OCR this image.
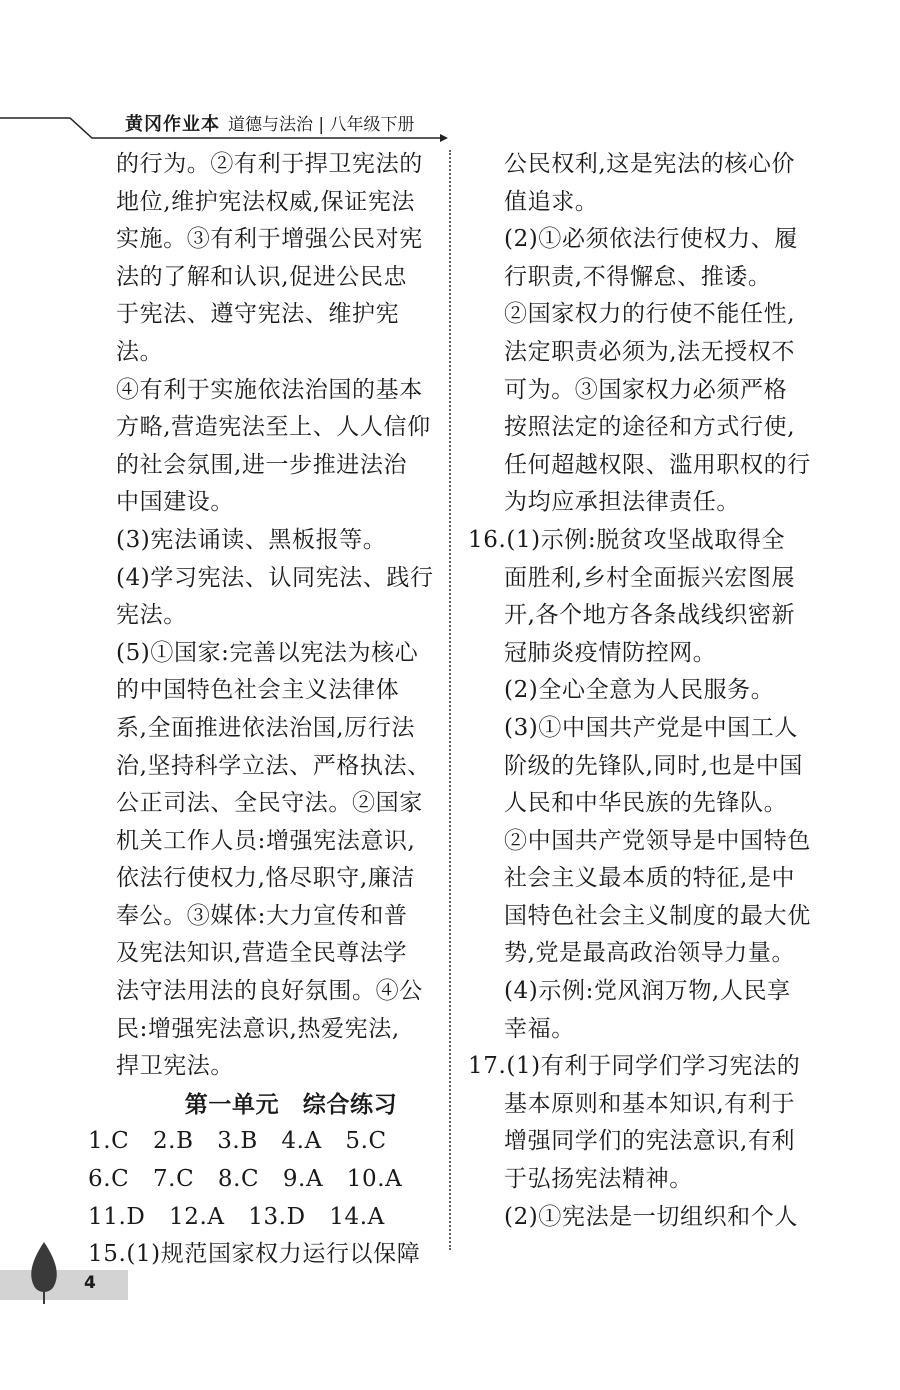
黄冈作业本 道德与法治 | 八年级下册

的行为。②有利于捍卫宪法的

地位,维护宪法权威,保证宪法

实施。③有利于增强公民对宪

法的了解和认识,促进公民忠

于宪法、遵守宪法、维护宪法。

④有利于实施依法治国的基本

方略,营造宪法至上、人人信仰

的社会氛围,进一步推进法治

中国建设。

(3)宪法诵读、黑板报等。

(4)学习宪法、认同宪法、践行

宪法。

(5)①国家:完善以宪法为核心

的中国特色社会主义法律体

系,全面推进依法治国,厉行法

治,坚持科学立法、严格执法、

公正司法、全民守法。②国家

机关工作人员:增强宪法意识,

依法行使权力,恪尽职守,廉洁

奉公。③媒体:大力宣传和普

及宪法知识,营造全民尊法学

法守法用法的良好氛围。④公

民:增强宪法意识,热爱宪法,

捍卫宪法。

第一单元　综合练习

1.C　2.B　3.B　4.A　5.C

6.C　7.C　8.C　9.A　10.A

11.D　12.A　13.D　14.A

15.(1)规范国家权力运行以保障

公民权利,这是宪法的核心价

值追求。

(2)①必须依法行使权力、履

行职责,不得懈怠、推诿。

②国家权力的行使不能任性,

法定职责必须为,法无授权不

可为。③国家权力必须严格

按照法定的途径和方式行使,

任何超越权限、滥用职权的行

为均应承担法律责任。

16.(1)示例:脱贫攻坚战取得全

面胜利,乡村全面振兴宏图展

开,各个地方各条战线织密新

冠肺炎疫情防控网。

(2)全心全意为人民服务。

(3)①中国共产党是中国工人

阶级的先锋队,同时,也是中国

人民和中华民族的先锋队。

②中国共产党领导是中国特色

社会主义最本质的特征,是中

国特色社会主义制度的最大优

势,党是最高政治领导力量。

(4)示例:党风润万物,人民享

幸福。

17.(1)有利于同学们学习宪法的

基本原则和基本知识,有利于

增强同学们的宪法意识,有利

于弘扬宪法精神。

(2)①宪法是一切组织和个人

4
